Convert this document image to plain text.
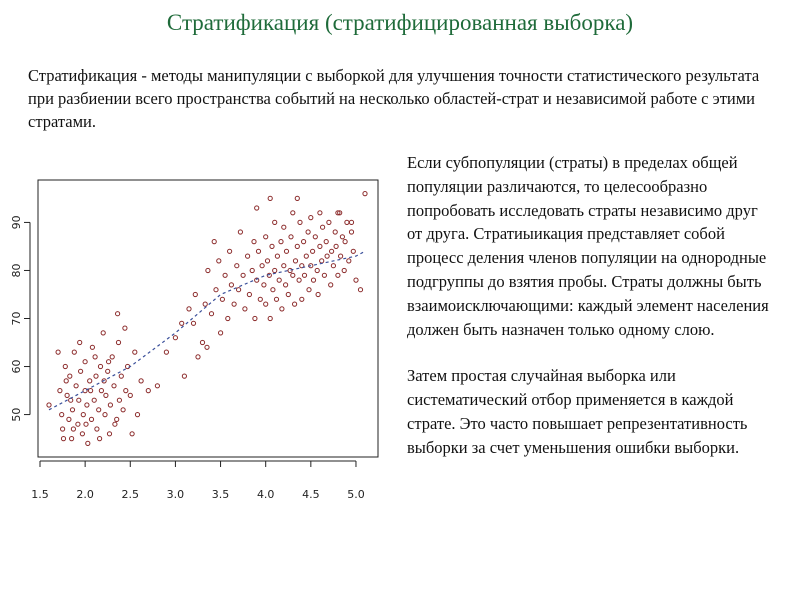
Стратификация (стратифицированная выборка)
Стратификация - методы манипуляции с выборкой для улучшения точности статистического результата при разбиении всего пространства событий на несколько областей-страт и независимой работе с этими стратами.
1.5	2.0	2.5	3.0	3.5	4.0	4.5	5.0
50
60
70
80
90

Если субпопуляции (страты) в пределах общей популяции различаются, то целесообразно попробовать исследовать страты независимо друг от друга. Стратиыикация представляет собой процесс деления членов популяции на однородные подгруппы до взятия пробы. Страты должны быть взаимоисключающими: каждый элемент населения должен быть назначен только одному слою.

Затем простая случайная выборка или систематический отбор применяется в каждой страте. Это часто повышает репрезентативность выборки за счет уменьшения ошибки выборки.
